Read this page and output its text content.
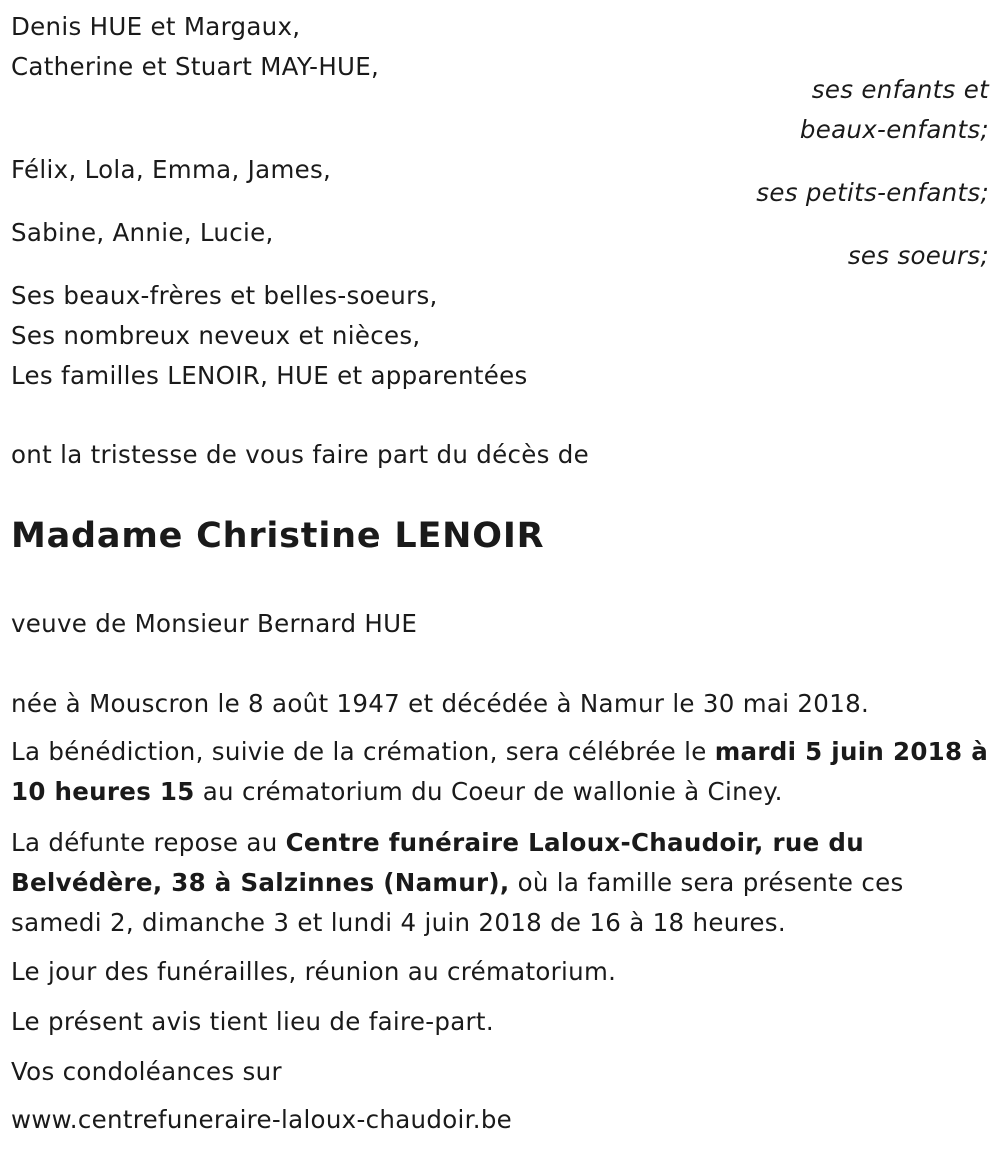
Denis HUE et Margaux,
Catherine et Stuart MAY-HUE,
ses enfants et
beaux-enfants;
Félix, Lola, Emma, James,
ses petits-enfants;
Sabine, Annie, Lucie,
ses soeurs;
Ses beaux-frères et belles-soeurs,
Ses nombreux neveux et nièces,
Les familles LENOIR, HUE et apparentées
ont la tristesse de vous faire part du décès de
Madame Christine LENOIR
veuve de Monsieur Bernard HUE
née à Mouscron le 8 août 1947 et décédée à Namur le 30 mai 2018.
La bénédiction, suivie de la crémation, sera célébrée le mardi 5 juin 2018 à 10 heures 15 au crématorium du Coeur de wallonie à Ciney.
La défunte repose au Centre funéraire Laloux-Chaudoir, rue du Belvédère, 38 à Salzinnes (Namur), où la famille sera présente ces samedi 2, dimanche 3 et lundi 4 juin 2018 de 16 à 18 heures.
Le jour des funérailles, réunion au crématorium.
Le présent avis tient lieu de faire-part.
Vos condoléances sur
www.centrefuneraire-laloux-chaudoir.be
